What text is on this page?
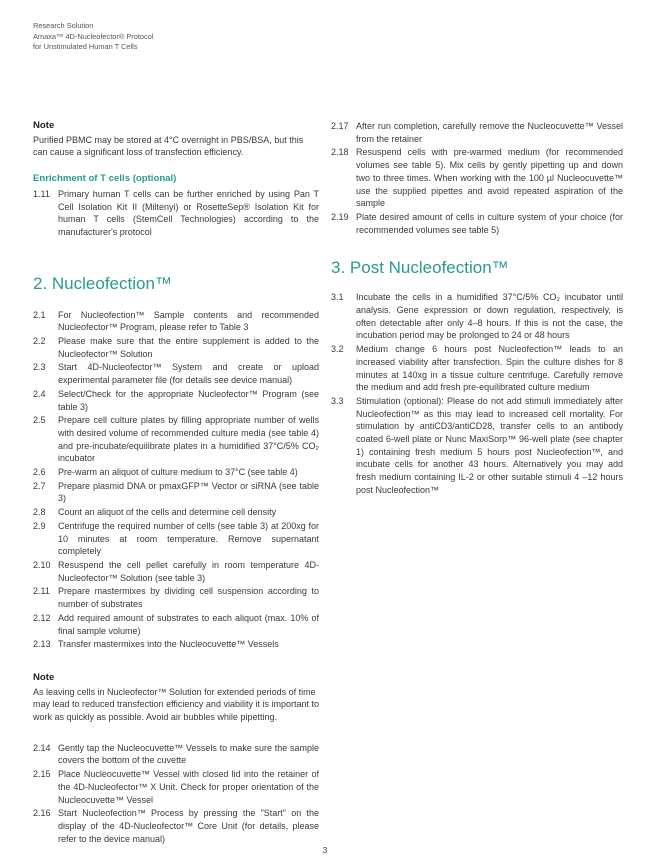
Research Solution
Amaxa™ 4D-Nucleofector® Protocol
for Unstimulated Human T Cells
Note
Purified PBMC may be stored at 4°C overnight in PBS/BSA, but this can cause a significant loss of transfection efficiency.
Enrichment of T cells (optional)
1.11 Primary human T cells can be further enriched by using Pan T Cell Isolation Kit II (Miltenyi) or RosetteSep® Isolation Kit for human T cells (StemCell Technologies) according to the manufacturer's protocol
2. Nucleofection™
2.1	For Nucleofection™ Sample contents and recommended Nucleofector™ Program, please refer to Table 3
2.2	Please make sure that the entire supplement is added to the Nucleofector™ Solution
2.3	Start 4D-Nucleofector™ System and create or upload experimental parameter file (for details see device manual)
2.4	Select/Check for the appropriate Nucleofector™ Program (see table 3)
2.5	Prepare cell culture plates by filling appropriate number of wells with desired volume of recommended culture media (see table 4) and pre-incubate/equilibrate plates in a humidified 37°C/5% CO₂ incubator
2.6	Pre-warm an aliquot of culture medium to 37°C (see table 4)
2.7	Prepare plasmid DNA or pmaxGFP™ Vector or siRNA (see table 3)
2.8	Count an aliquot of the cells and determine cell density
2.9	Centrifuge the required number of cells (see table 3) at 200xg for 10 minutes at room temperature. Remove supernatant completely
2.10 Resuspend the cell pellet carefully in room temperature 4D-Nucleofector™ Solution (see table 3)
2.11 Prepare mastermixes by dividing cell suspension according to number of substrates
2.12 Add required amount of substrates to each aliquot (max. 10% of final sample volume)
2.13 Transfer mastermixes into the Nucleocuvette™ Vessels
Note
As leaving cells in Nucleofector™ Solution for extended periods of time may lead to reduced transfection efficiency and viability it is important to work as quickly as possible. Avoid air bubbles while pipetting.
2.14 Gently tap the Nucleocuvette™ Vessels to make sure the sample covers the bottom of the cuvette
2.15 Place Nucleocuvette™ Vessel with closed lid into the retainer of the 4D-Nucleofector™ X Unit. Check for proper orientation of the Nucleocuvette™ Vessel
2.16 Start Nucleofection™ Process by pressing the "Start" on the display of the 4D-Nucleofector™ Core Unit (for details, please refer to the device manual)
2.17 After run completion, carefully remove the Nucleocuvette™ Vessel from the retainer
2.18 Resuspend cells with pre-warmed medium (for recommended volumes see table 5). Mix cells by gently pipetting up and down two to three times. When working with the 100 µl Nucleocuvette™ use the supplied pipettes and avoid repeated aspiration of the sample
2.19 Plate desired amount of cells in culture system of your choice (for recommended volumes see table 5)
3. Post Nucleofection™
3.1	Incubate the cells in a humidified 37°C/5% CO₂ incubator until analysis. Gene expression or down regulation, respectively, is often detectable after only 4–8 hours. If this is not the case, the incubation period may be prolonged to 24 or 48 hours
3.2	Medium change 6 hours post Nucleofection™ leads to an increased viability after transfection. Spin the culture dishes for 8 minutes at 140xg in a tissue culture centrifuge. Carefully remove the medium and add fresh pre-equilibrated culture medium
3.3	Stimulation (optional): Please do not add stimuli immediately after Nucleofection™ as this may lead to increased cell mortality. For stimulation by antiCD3/antiCD28, transfer cells to an antibody coated 6-well plate or Nunc MaxiSorp™ 96-well plate (see chapter 1) containing fresh medium 5 hours post Nucleofection™, and incubate cells for another 43 hours. Alternatively you may add fresh medium containing IL-2 or other suitable stimuli 4 –12 hours post Nucleofection™
3
